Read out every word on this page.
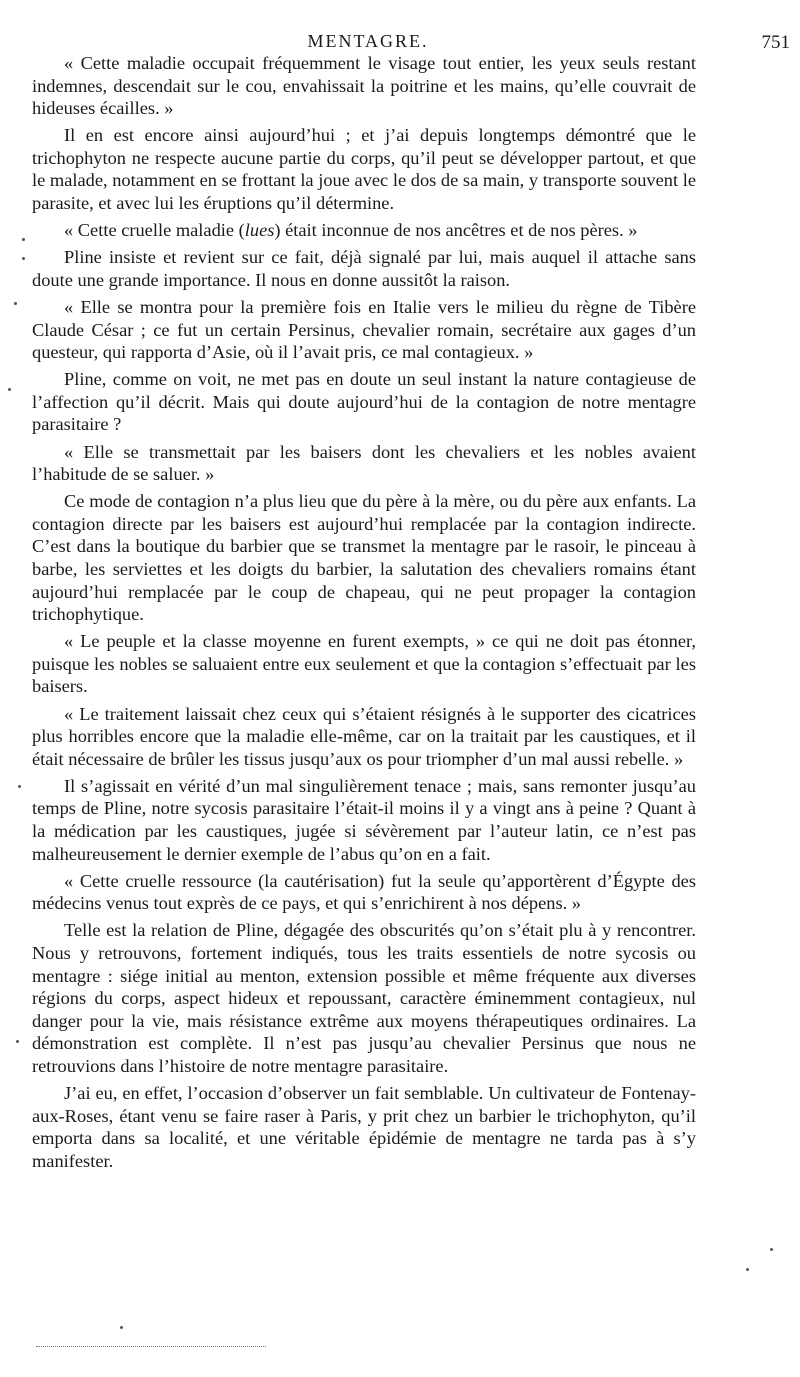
MENTAGRE.	751

« Cette maladie occupait fréquemment le visage tout entier, les yeux seuls restant indemnes, descendait sur le cou, envahissait la poitrine et les mains, qu’elle couvrait de hideuses écailles. »

Il en est encore ainsi aujourd’hui ; et j’ai depuis longtemps démontré que le trichophyton ne respecte aucune partie du corps, qu’il peut se développer partout, et que le malade, notamment en se frottant la joue avec le dos de sa main, y transporte souvent le parasite, et avec lui les éruptions qu’il détermine.

« Cette cruelle maladie (lues) était inconnue de nos ancêtres et de nos pères. »

Pline insiste et revient sur ce fait, déjà signalé par lui, mais auquel il attache sans doute une grande importance. Il nous en donne aussitôt la raison.

« Elle se montra pour la première fois en Italie vers le milieu du règne de Tibère Claude César ; ce fut un certain Persinus, chevalier romain, secrétaire aux gages d’un questeur, qui rapporta d’Asie, où il l’avait pris, ce mal contagieux. »

Pline, comme on voit, ne met pas en doute un seul instant la nature contagieuse de l’affection qu’il décrit. Mais qui doute aujourd’hui de la contagion de notre mentagre parasitaire ?

« Elle se transmettait par les baisers dont les chevaliers et les nobles avaient l’habitude de se saluer. »

Ce mode de contagion n’a plus lieu que du père à la mère, ou du père aux enfants. La contagion directe par les baisers est aujourd’hui remplacée par la contagion indirecte. C’est dans la boutique du barbier que se transmet la mentagre par le rasoir, le pinceau à barbe, les serviettes et les doigts du barbier, la salutation des chevaliers romains étant aujourd’hui remplacée par le coup de chapeau, qui ne peut propager la contagion trichophytique.

« Le peuple et la classe moyenne en furent exempts, » ce qui ne doit pas étonner, puisque les nobles se saluaient entre eux seulement et que la contagion s’effectuait par les baisers.

« Le traitement laissait chez ceux qui s’étaient résignés à le supporter des cicatrices plus horribles encore que la maladie elle-même, car on la traitait par les caustiques, et il était nécessaire de brûler les tissus jusqu’aux os pour triompher d’un mal aussi rebelle. »

Il s’agissait en vérité d’un mal singulièrement tenace ; mais, sans remonter jusqu’au temps de Pline, notre sycosis parasitaire l’était-il moins il y a vingt ans à peine ? Quant à la médication par les caustiques, jugée si sévèrement par l’auteur latin, ce n’est pas malheureusement le dernier exemple de l’abus qu’on en a fait.

« Cette cruelle ressource (la cautérisation) fut la seule qu’apportèrent d’Égypte des médecins venus tout exprès de ce pays, et qui s’enrichirent à nos dépens. »

Telle est la relation de Pline, dégagée des obscurités qu’on s’était plu à y rencontrer. Nous y retrouvons, fortement indiqués, tous les traits essentiels de notre sycosis ou mentagre : siége initial au menton, extension possible et même fréquente aux diverses régions du corps, aspect hideux et repoussant, caractère éminemment contagieux, nul danger pour la vie, mais résistance extrême aux moyens thérapeutiques ordinaires. La démonstration est complète. Il n’est pas jusqu’au chevalier Persinus que nous ne retrouvions dans l’histoire de notre mentagre parasitaire.

J’ai eu, en effet, l’occasion d’observer un fait semblable. Un cultivateur de Fontenay-aux-Roses, étant venu se faire raser à Paris, y prit chez un barbier le trichophyton, qu’il emporta dans sa localité, et une véritable épidémie de mentagre ne tarda pas à s’y manifester.
